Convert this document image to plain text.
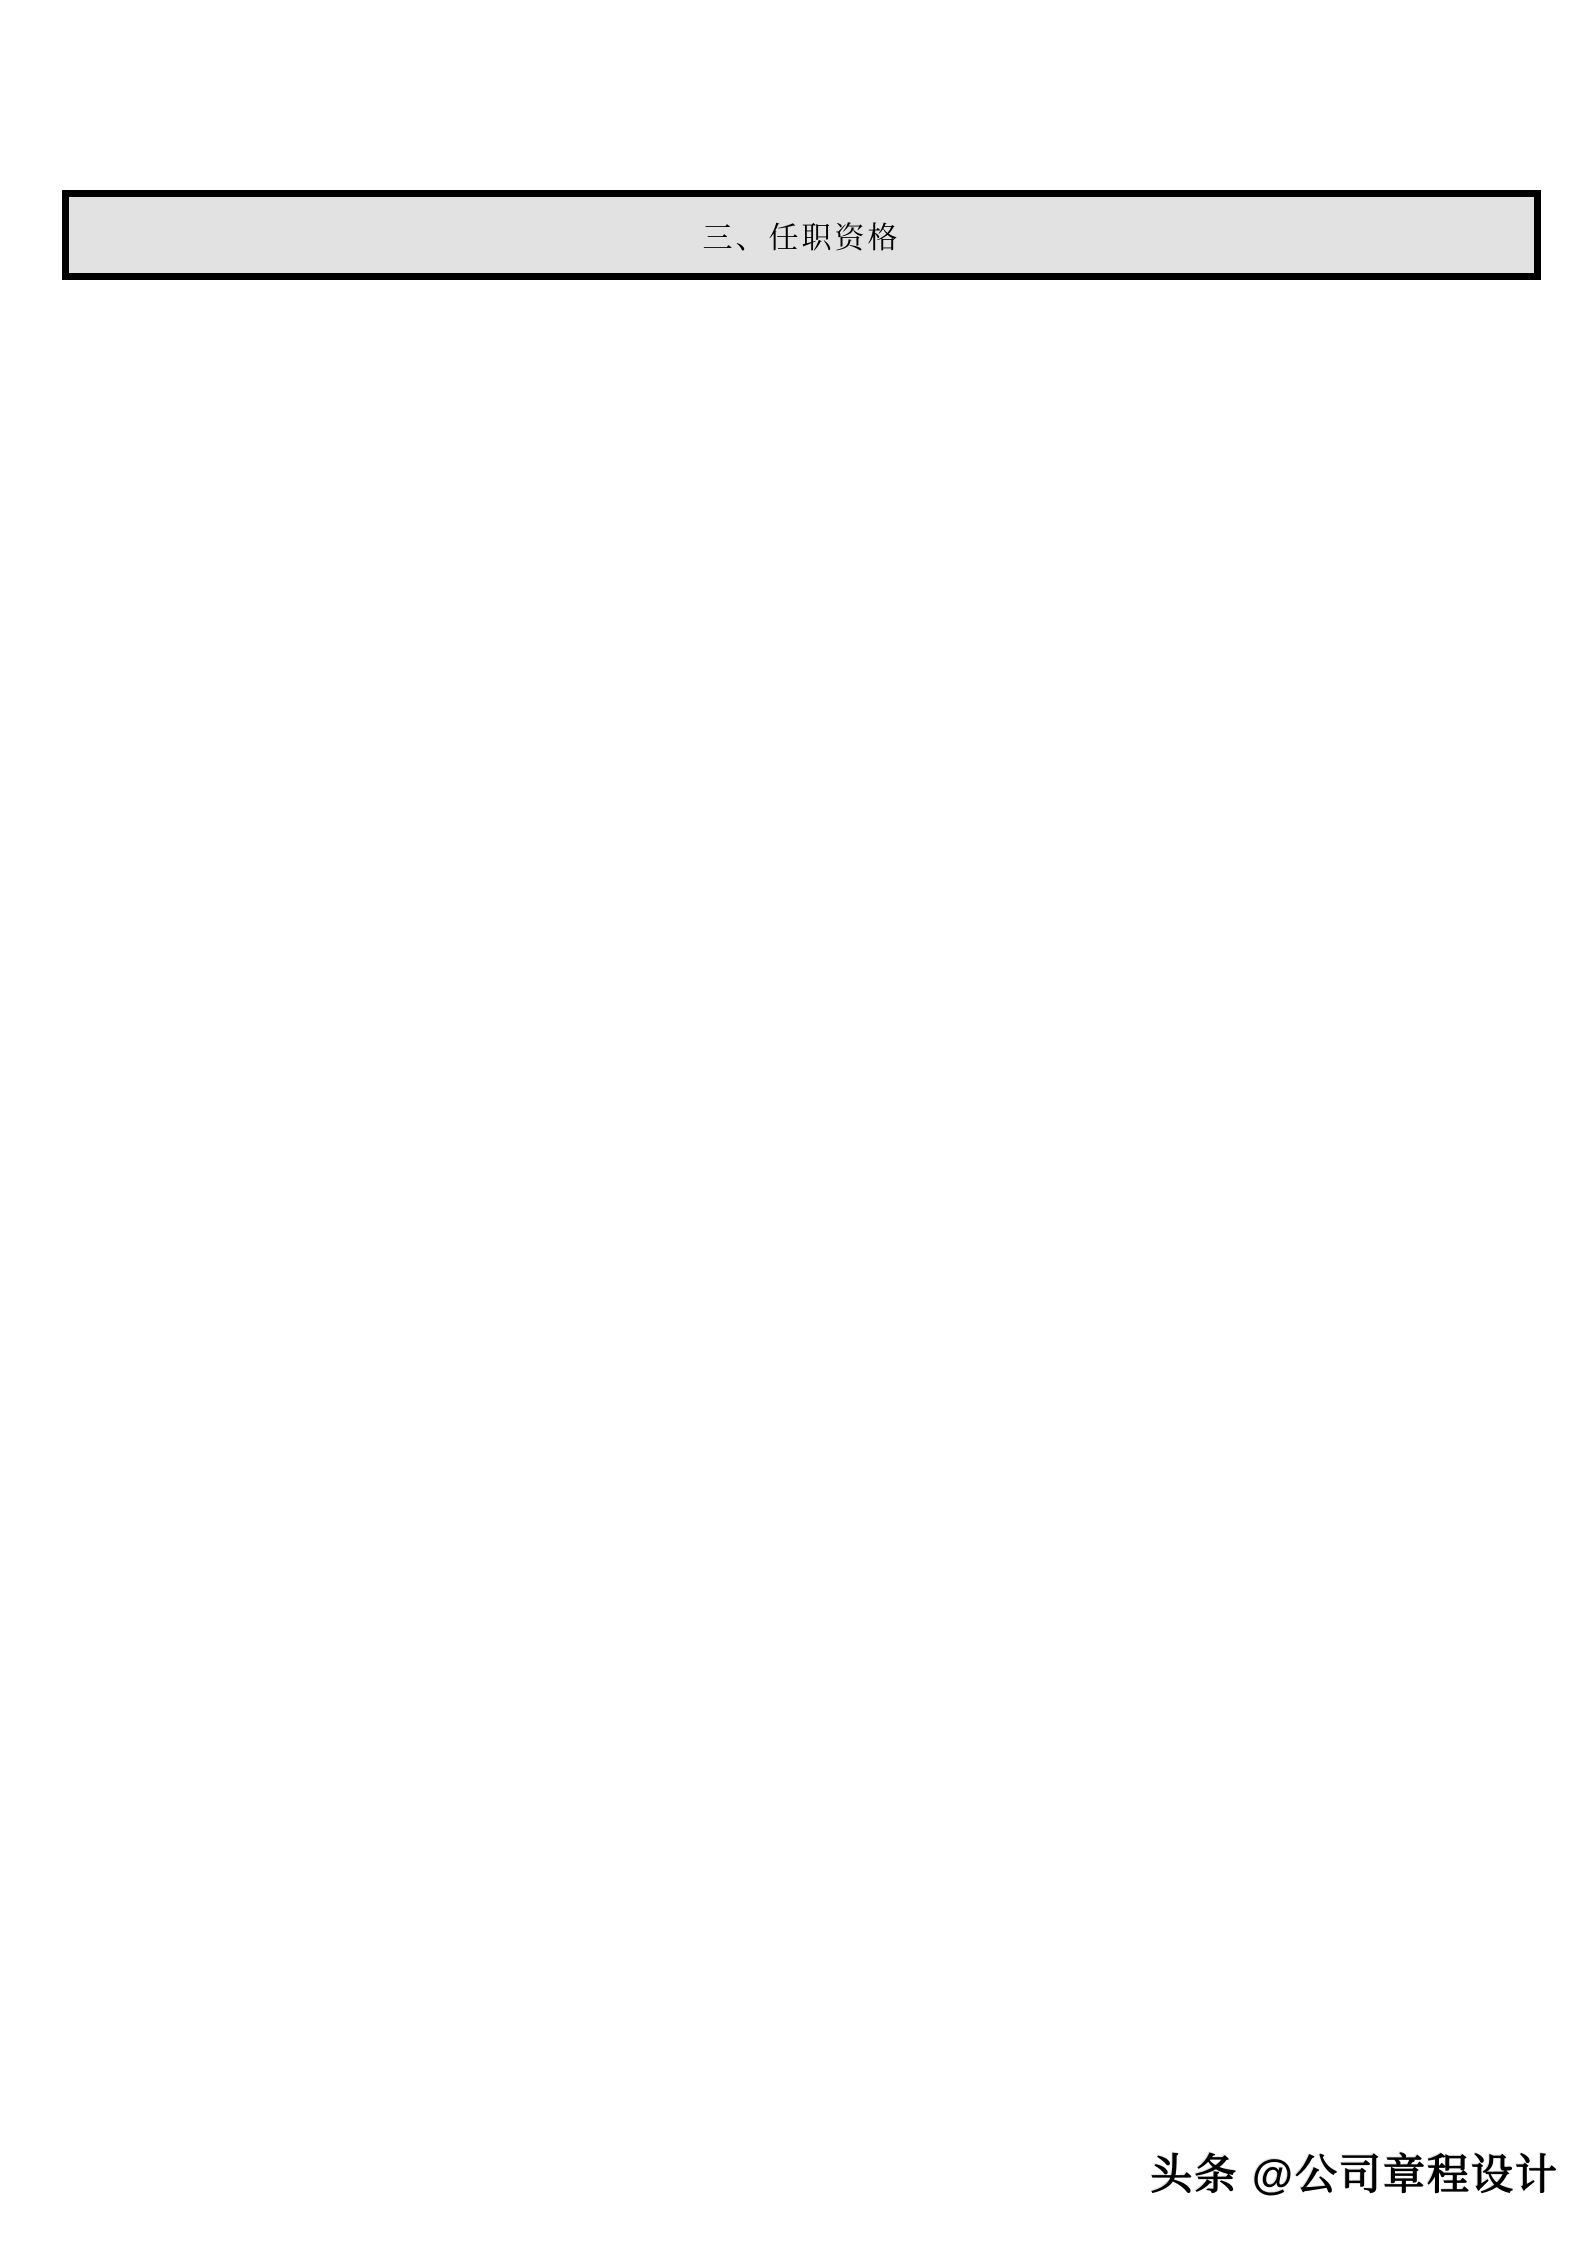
三、任职资格
头条 @公司章程设计
